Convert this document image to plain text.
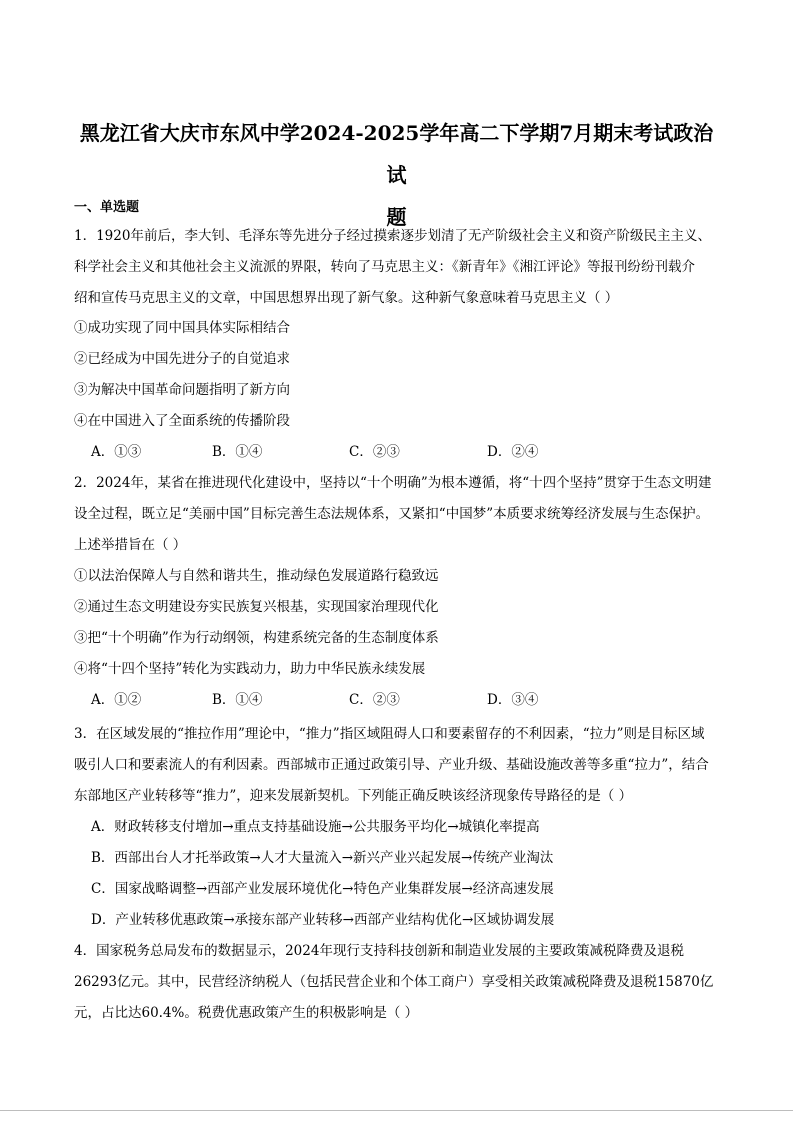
黑龙江省大庆市东风中学2024-2025学年高二下学期7月期末考试政治试
题
一、单选题
1．1920年前后，李大钊、毛泽东等先进分子经过摸索逐步划清了无产阶级社会主义和资产阶级民主主义、
科学社会主义和其他社会主义流派的界限，转向了马克思主义：《新青年》《湘江评论》等报刊纷纷刊载介
绍和宣传马克思主义的文章，中国思想界出现了新气象。这种新气象意味着马克思主义（ ）
①成功实现了同中国具体实际相结合
②已经成为中国先进分子的自觉追求
③为解决中国革命问题指明了新方向
④在中国进入了全面系统的传播阶段
A．①③	B．①④	C．②③	D．②④
2．2024年，某省在推进现代化建设中，坚持以“十个明确”为根本遵循，将“十四个坚持”贯穿于生态文明建
设全过程，既立足“美丽中国”目标完善生态法规体系，又紧扣“中国梦”本质要求统筹经济发展与生态保护。
上述举措旨在（ ）
①以法治保障人与自然和谐共生，推动绿色发展道路行稳致远
②通过生态文明建设夯实民族复兴根基，实现国家治理现代化
③把“十个明确”作为行动纲领，构建系统完备的生态制度体系
④将“十四个坚持”转化为实践动力，助力中华民族永续发展
A．①②	B．①④	C．②③	D．③④
3．在区域发展的“推拉作用”理论中，“推力”指区域阻碍人口和要素留存的不利因素，“拉力”则是目标区域
吸引人口和要素流人的有利因素。西部城市正通过政策引导、产业升级、基础设施改善等多重“拉力”，结合
东部地区产业转移等“推力”，迎来发展新契机。下列能正确反映该经济现象传导路径的是（ ）
A．财政转移支付增加→重点支持基础设施→公共服务平均化→城镇化率提高
B．西部出台人才托举政策→人才大量流入→新兴产业兴起发展→传统产业淘汰
C．国家战略调整→西部产业发展环境优化→特色产业集群发展→经济高速发展
D．产业转移优惠政策→承接东部产业转移→西部产业结构优化→区域协调发展
4．国家税务总局发布的数据显示，2024年现行支持科技创新和制造业发展的主要政策减税降费及退税
26293亿元。其中，民营经济纳税人（包括民营企业和个体工商户）享受相关政策减税降费及退税15870亿
元，占比达60.4%。税费优惠政策产生的积极影响是（ ）
